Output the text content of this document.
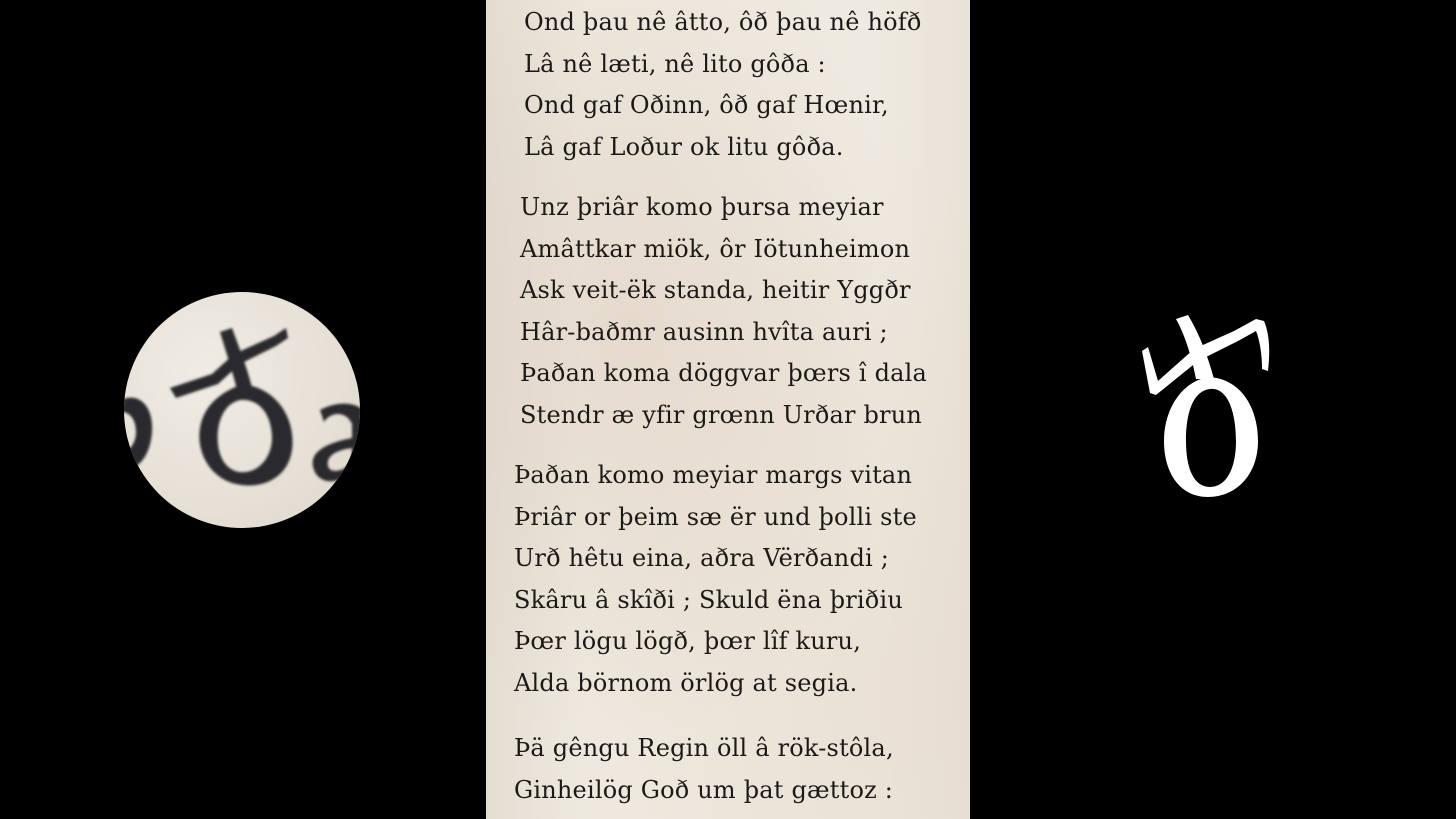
Ond þau nê âtto, ôð þau nê höfð
Lâ nê læti, nê lito gôða :
Ond gaf Oðinn, ôð gaf Hœnir,
Lâ gaf Loður ok litu gôða.
Unz þriâr komo þursa meyiar
Amâttkar miök, ôr Iötunheimon
Ask veit-ëk standa, heitir Yggðr
Hâr-baðmr ausinn hvîta auri ;
Þaðan koma döggvar þœrs î dala
Stendr æ yfir grœnn Urðar brun
Þaðan komo meyiar margs vitan
Þriâr or þeim sæ ër und þolli ste
Urð hêtu eina, aðra Vërðandi ;
Skâru â skîði ; Skuld ëna þriðiu
Þœr lögu lögð, þœr lîf kuru,
Alda börnom örlög at segia.
Þä gêngu Regin öll â rök-stôla,
Ginheilög Goð um þat gættoz :
